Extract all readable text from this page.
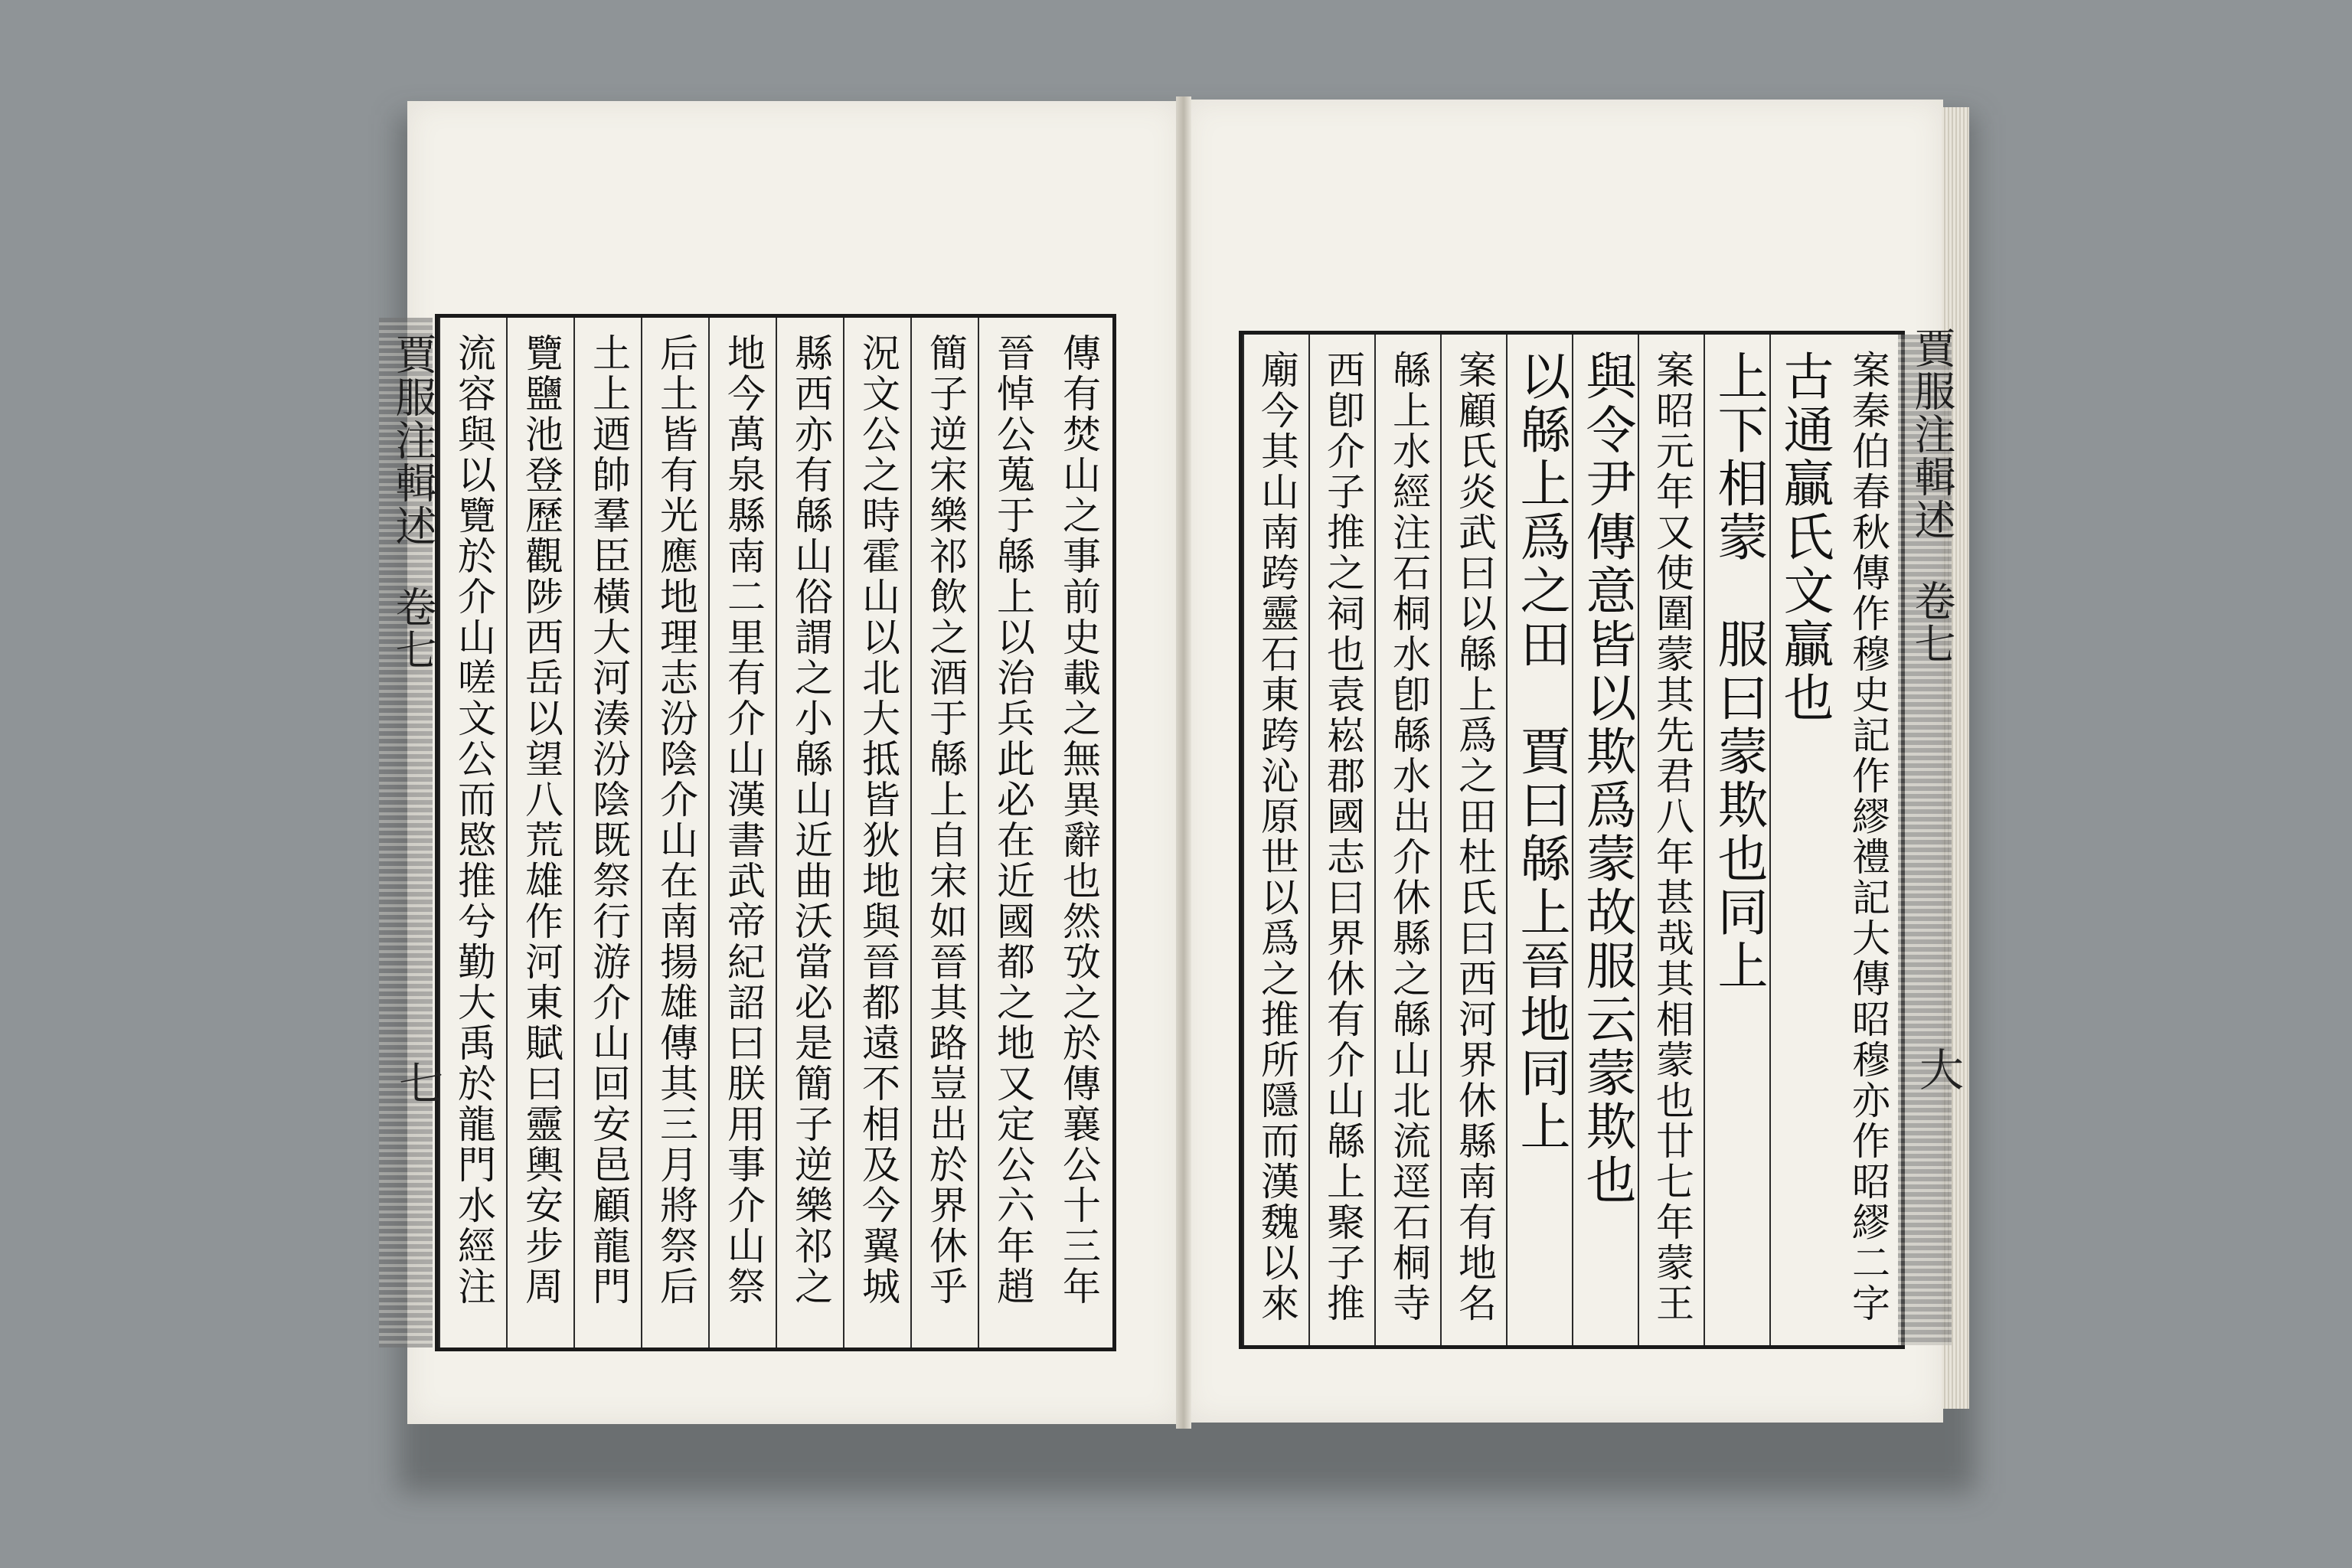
賈服注輯述
卷七
七	傳有焚山之事前史載之無異辭也然攷之於傳襄公十三年
晉悼公蒐于緜上以治兵此必在近國都之地又定公六年趙
簡子逆宋樂祁飲之酒于緜上自宋如晉其路豈出於界休乎
況文公之時霍山以北大抵皆狄地與晉都遠不相及今翼城
縣西亦有緜山俗謂之小緜山近曲沃當必是簡子逆樂祁之
地今萬泉縣南二里有介山漢書武帝紀詔曰朕用事介山祭
后土皆有光應地理志汾陰介山在南揚雄傳其三月將祭后
土上迺帥羣臣橫大河湊汾陰既祭行游介山回安邑顧龍門
覽鹽池登歷觀陟西岳以望八荒雄作河東賦曰靈輿安步周
流容與以覽於介山嗟文公而愍推兮勤大禹於龍門水經注	賈服注輯述
卷七
大
案秦伯春秋傳作穆史記作繆禮記大傳昭穆亦作昭繆二字
古通贏氏文贏也
上下相蒙　服曰蒙欺也同上
案昭元年又使圍蒙其先君八年甚哉其相蒙也廿七年蒙王
與令尹傳意皆以欺爲蒙故服云蒙欺也
以緜上爲之田　賈曰緜上晉地同上
案顧氏炎武曰以緜上爲之田杜氏曰西河界休縣南有地名
緜上水經注石桐水卽緜水出介休縣之緜山北流逕石桐寺
西卽介子推之祠也袁崧郡國志曰界休有介山緜上聚子推
廟今其山南跨靈石東跨沁原世以爲之推所隱而漢魏以來
